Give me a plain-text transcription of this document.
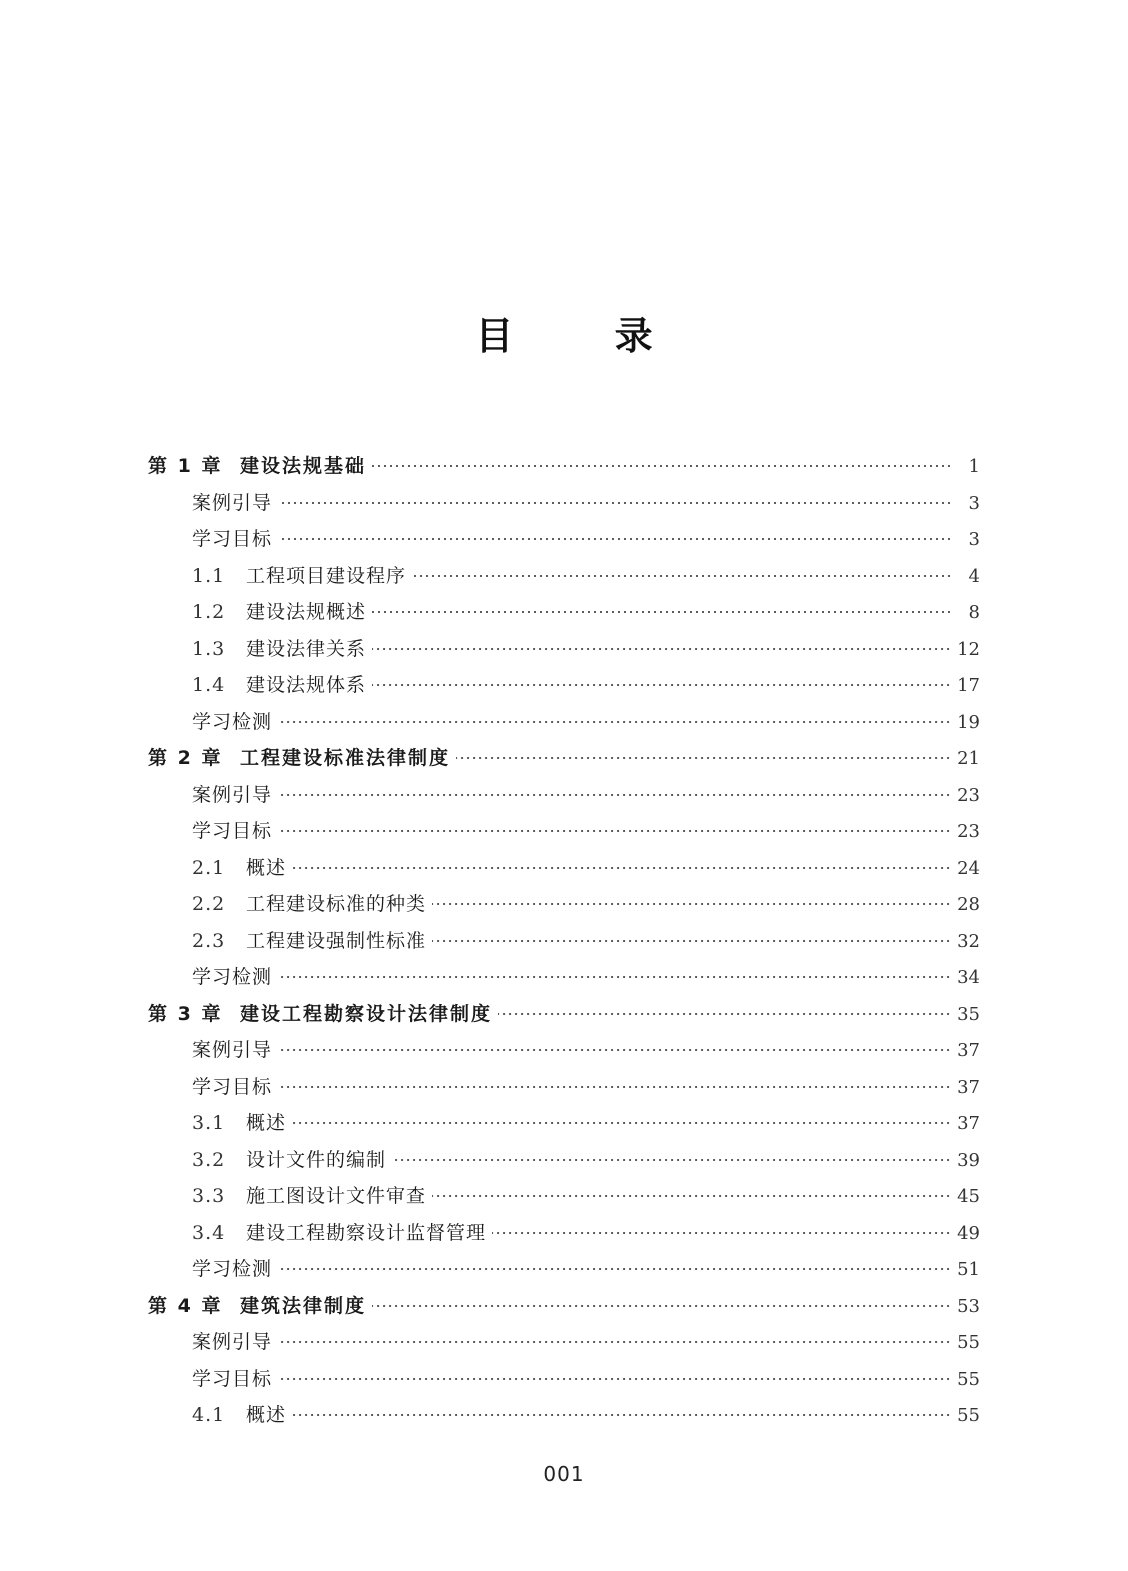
目 录
第 1 章 建设法规基础	1
案例引导	3
学习目标	3
1.1	工程项目建设程序	4
1.2	建设法规概述	8
1.3	建设法律关系	12
1.4	建设法规体系	17
学习检测	19
第 2 章 工程建设标准法律制度	21
案例引导	23
学习目标	23
2.1	概述	24
2.2	工程建设标准的种类	28
2.3	工程建设强制性标准	32
学习检测	34
第 3 章 建设工程勘察设计法律制度	35
案例引导	37
学习目标	37
3.1	概述	37
3.2	设计文件的编制	39
3.3	施工图设计文件审查	45
3.4	建设工程勘察设计监督管理	49
学习检测	51
第 4 章 建筑法律制度	53
案例引导	55
学习目标	55
4.1	概述	55
001
